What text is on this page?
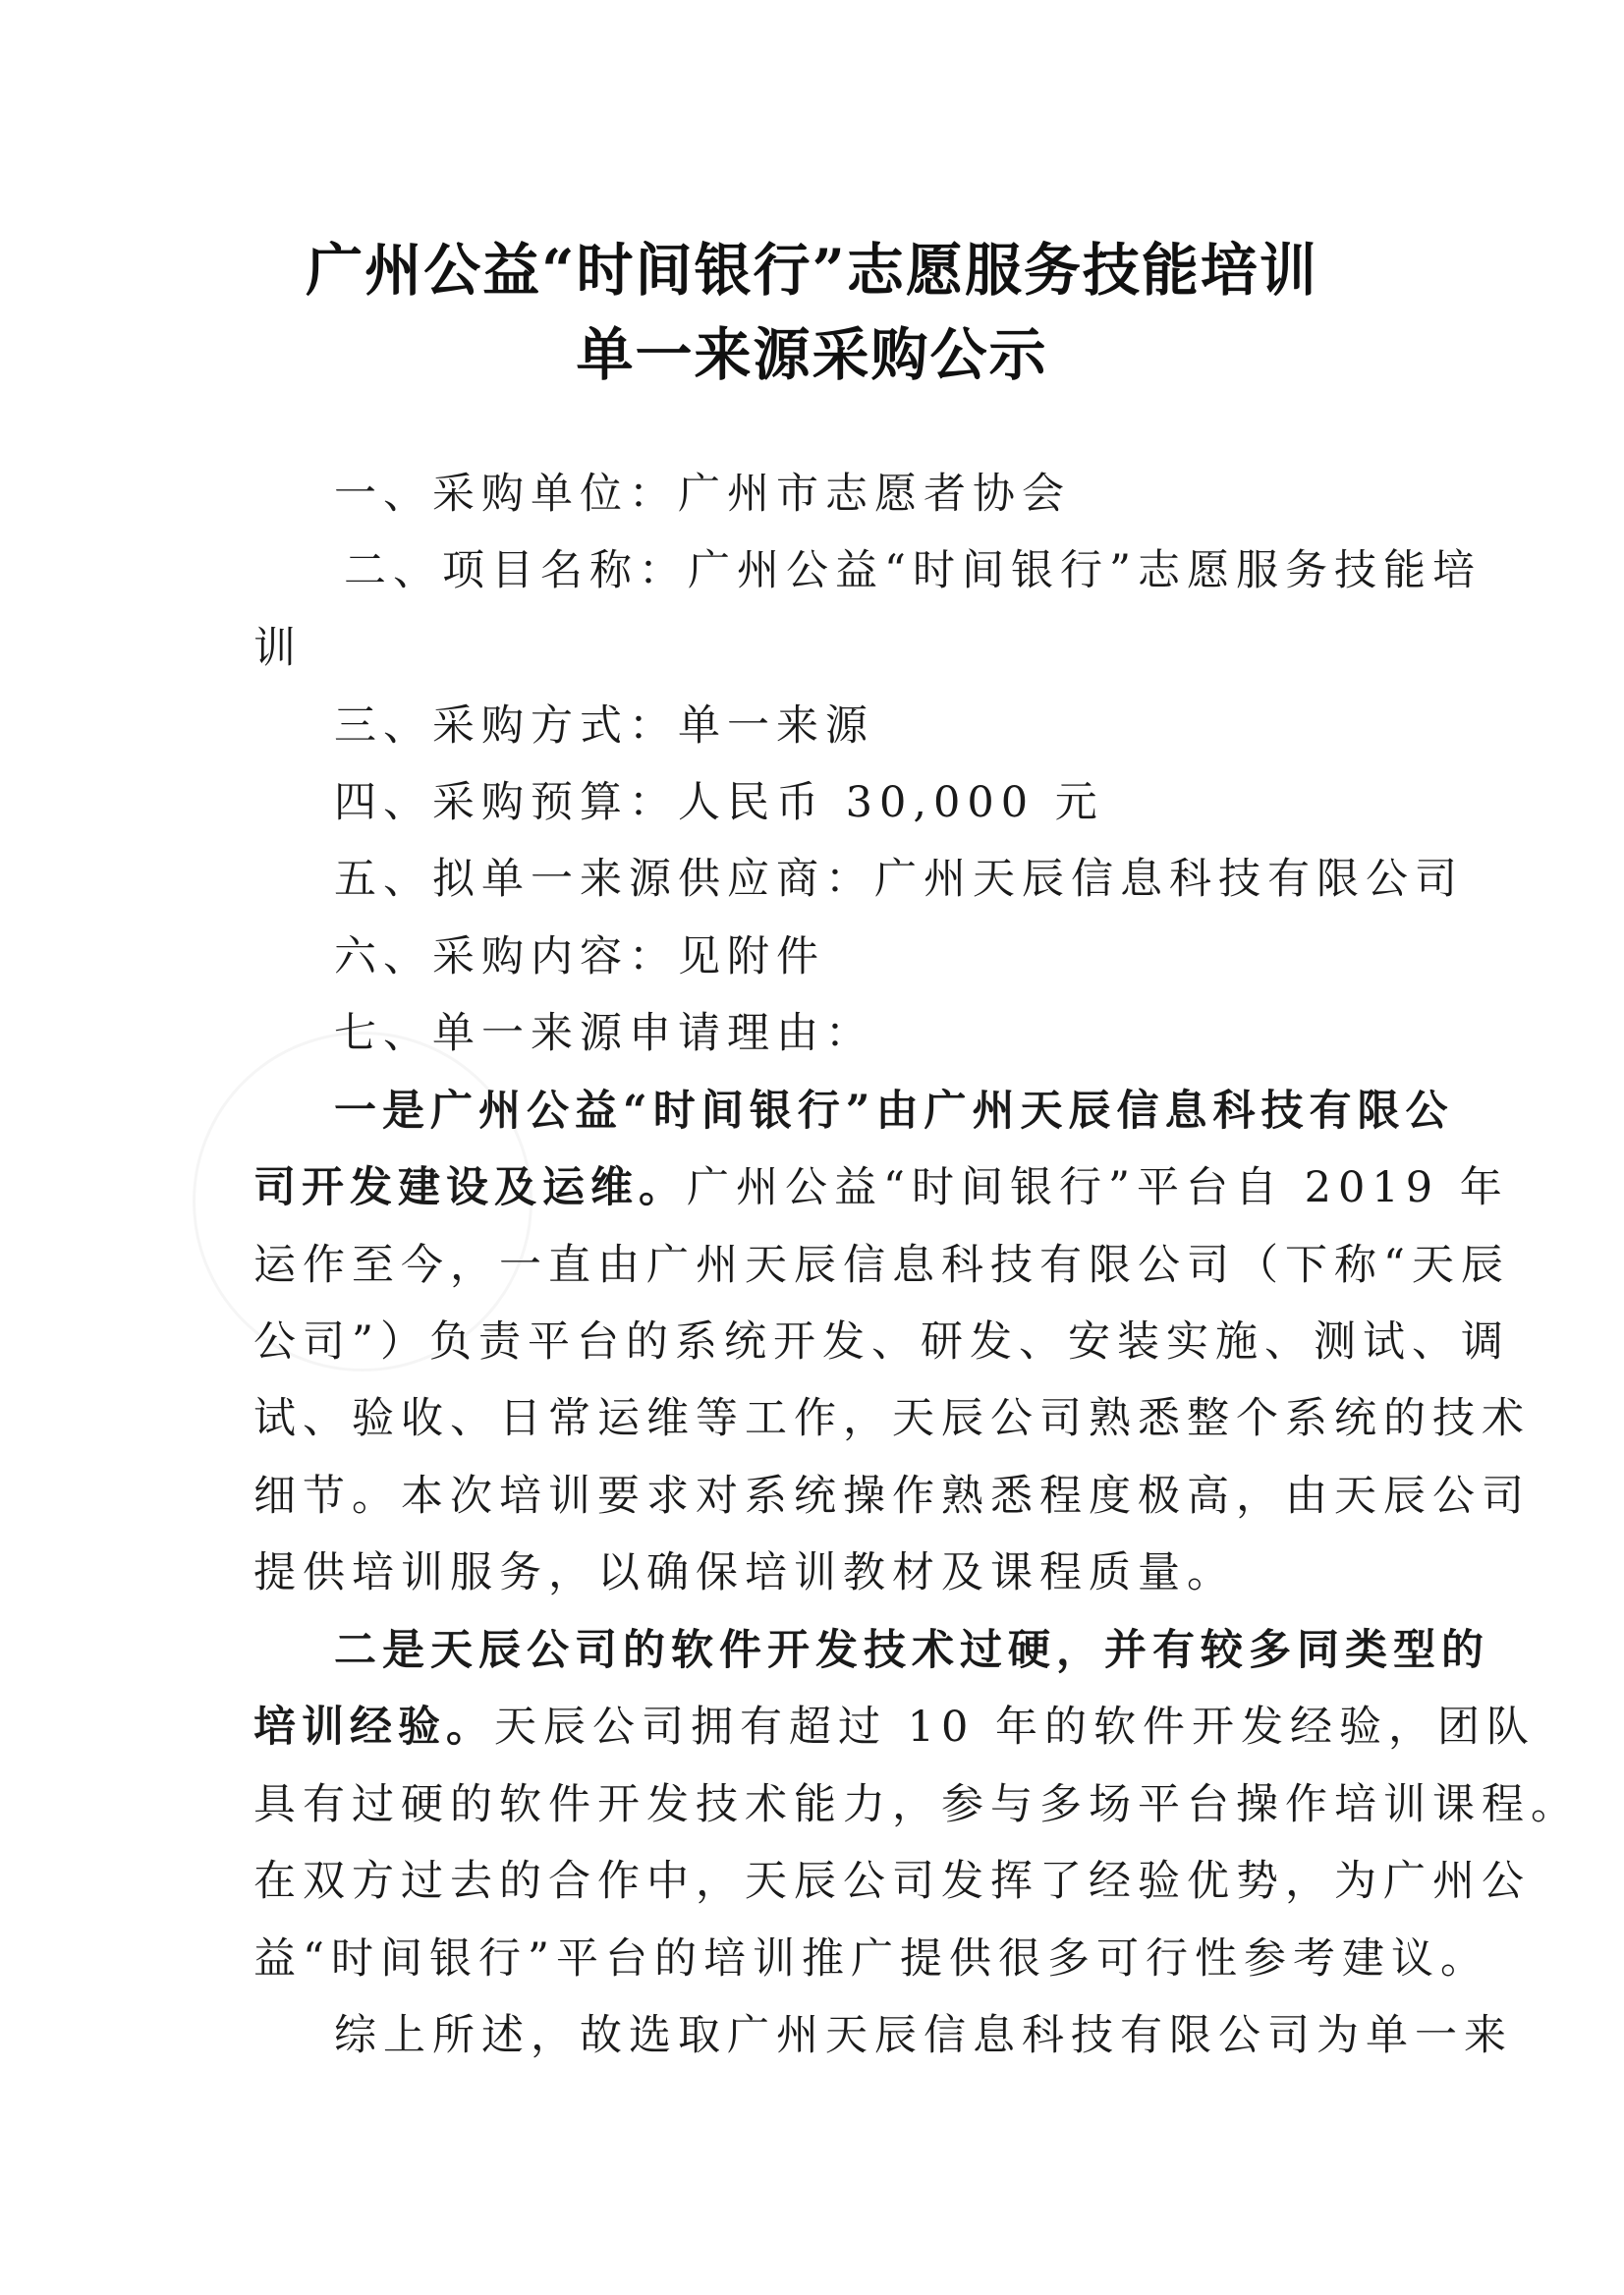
广州公益“时间银行”志愿服务技能培训
单一来源采购公示
一、采购单位：广州市志愿者协会
二、项目名称：广州公益“时间银行”志愿服务技能培
训
三、采购方式：单一来源
四、采购预算：人民币 30,000 元
五、拟单一来源供应商：广州天辰信息科技有限公司
六、采购内容：见附件
七、单一来源申请理由：
一是广州公益“时间银行”由广州天辰信息科技有限公
司开发建设及运维。广州公益“时间银行”平台自 2019 年
运作至今，一直由广州天辰信息科技有限公司（下称“天辰
公司”）负责平台的系统开发、研发、安装实施、测试、调
试、验收、日常运维等工作，天辰公司熟悉整个系统的技术
细节。本次培训要求对系统操作熟悉程度极高，由天辰公司
提供培训服务，以确保培训教材及课程质量。
二是天辰公司的软件开发技术过硬，并有较多同类型的
培训经验。天辰公司拥有超过 10 年的软件开发经验，团队
具有过硬的软件开发技术能力，参与多场平台操作培训课程。
在双方过去的合作中，天辰公司发挥了经验优势，为广州公
益“时间银行”平台的培训推广提供很多可行性参考建议。
综上所述，故选取广州天辰信息科技有限公司为单一来
